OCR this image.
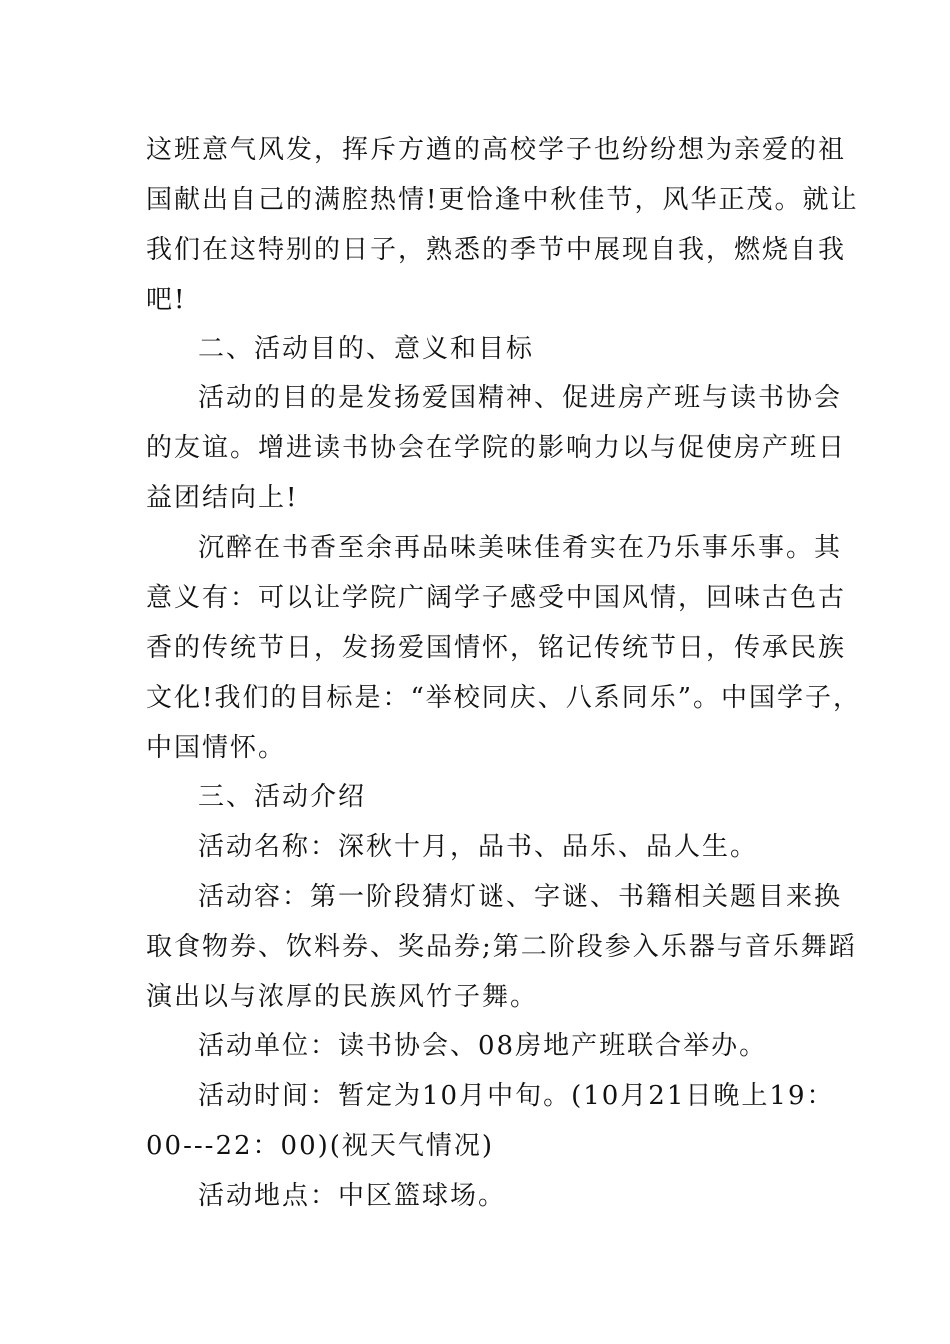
这班意气风发，挥斥方遒的高校学子也纷纷想为亲爱的祖
国献出自己的满腔热情!更恰逢中秋佳节，风华正茂。就让
我们在这特别的日子，熟悉的季节中展现自我，燃烧自我
吧!
二、活动目的、意义和目标
活动的目的是发扬爱国精神、促进房产班与读书协会
的友谊。增进读书协会在学院的影响力以与促使房产班日
益团结向上!
沉醉在书香至余再品味美味佳肴实在乃乐事乐事。其
意义有：可以让学院广阔学子感受中国风情，回味古色古
香的传统节日，发扬爱国情怀，铭记传统节日，传承民族
文化!我们的目标是：“举校同庆、八系同乐”。中国学子，
中国情怀。
三、活动介绍
活动名称：深秋十月，品书、品乐、品人生。
活动容：第一阶段猜灯谜、字谜、书籍相关题目来换
取食物券、饮料券、奖品券;第二阶段参入乐器与音乐舞蹈
演出以与浓厚的民族风竹子舞。
活动单位：读书协会、08房地产班联合举办。
活动时间：暂定为10月中旬。(10月21日晚上19：
00---22：00)(视天气情况)
活动地点：中区篮球场。
